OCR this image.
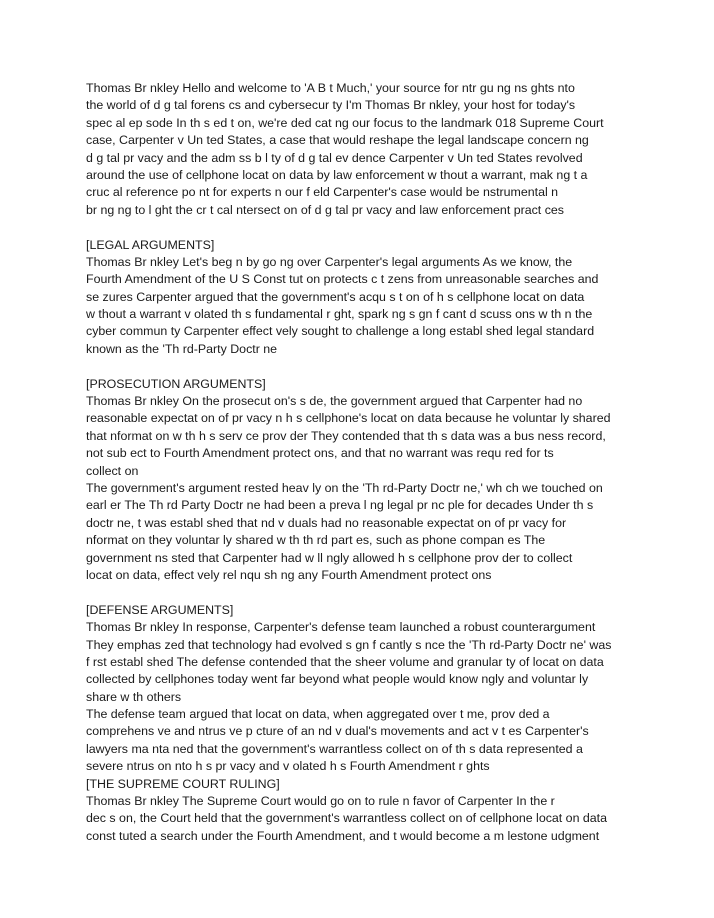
Thomas Br nkley Hello and welcome to 'A B t Much,' your source for ntr gu ng ns ghts nto
the world of d g tal forens cs and cybersecur ty I'm Thomas Br nkley, your host for today's
spec al ep sode In th s ed t on, we're ded cat ng our focus to the landmark 018 Supreme Court
case, Carpenter v Un ted States, a case that would reshape the legal landscape concern ng
d g tal pr vacy and the adm ss b l ty of d g tal ev dence Carpenter v Un ted States revolved
around the use of cellphone locat on data by law enforcement w thout a warrant, mak ng t a
cruc al reference po nt for experts n our f eld Carpenter's case would be nstrumental n
br ng ng to l ght the cr t cal ntersect on of d g tal pr vacy and law enforcement pract ces
[LEGAL ARGUMENTS]
Thomas Br nkley Let's beg n by go ng over Carpenter's legal arguments As we know, the
Fourth Amendment of the U S Const tut on protects c t zens from unreasonable searches and
se zures Carpenter argued that the government's acqu s t on of h s cellphone locat on data
w thout a warrant v olated th s fundamental r ght, spark ng s gn f cant d scuss ons w th n the
cyber commun ty Carpenter effect vely sought to challenge a long establ shed legal standard
known as the 'Th rd-Party Doctr ne
[PROSECUTION ARGUMENTS]
Thomas Br nkley On the prosecut on's s de, the government argued that Carpenter had no
reasonable expectat on of pr vacy n h s cellphone's locat on data because he voluntar ly shared
that nformat on w th h s serv ce prov der They contended that th s data was a bus ness record,
not sub ect to Fourth Amendment protect ons, and that no warrant was requ red for ts
collect on
The government's argument rested heav ly on the 'Th rd-Party Doctr ne,' wh ch we touched on
earl er The Th rd Party Doctr ne had been a preva l ng legal pr nc ple for decades Under th s
doctr ne, t was establ shed that nd v duals had no reasonable expectat on of pr vacy for
nformat on they voluntar ly shared w th th rd part es, such as phone compan es The
government ns sted that Carpenter had w ll ngly allowed h s cellphone prov der to collect
locat on data, effect vely rel nqu sh ng any Fourth Amendment protect ons
[DEFENSE ARGUMENTS]
Thomas Br nkley In response, Carpenter's defense team launched a robust counterargument
They emphas zed that technology had evolved s gn f cantly s nce the 'Th rd-Party Doctr ne' was
f rst establ shed The defense contended that the sheer volume and granular ty of locat on data
collected by cellphones today went far beyond what people would know ngly and voluntar ly
share w th others
The defense team argued that locat on data, when aggregated over t me, prov ded a
comprehens ve and ntrus ve p cture of an nd v dual's movements and act v t es Carpenter's
lawyers ma nta ned that the government's warrantless collect on of th s data represented a
severe ntrus on nto h s pr vacy and v olated h s Fourth Amendment r ghts
[THE SUPREME COURT RULING]
Thomas Br nkley The Supreme Court would go on to rule n favor of Carpenter In the r
dec s on, the Court held that the government's warrantless collect on of cellphone locat on data
const tuted a search under the Fourth Amendment, and t would become a m lestone udgment
